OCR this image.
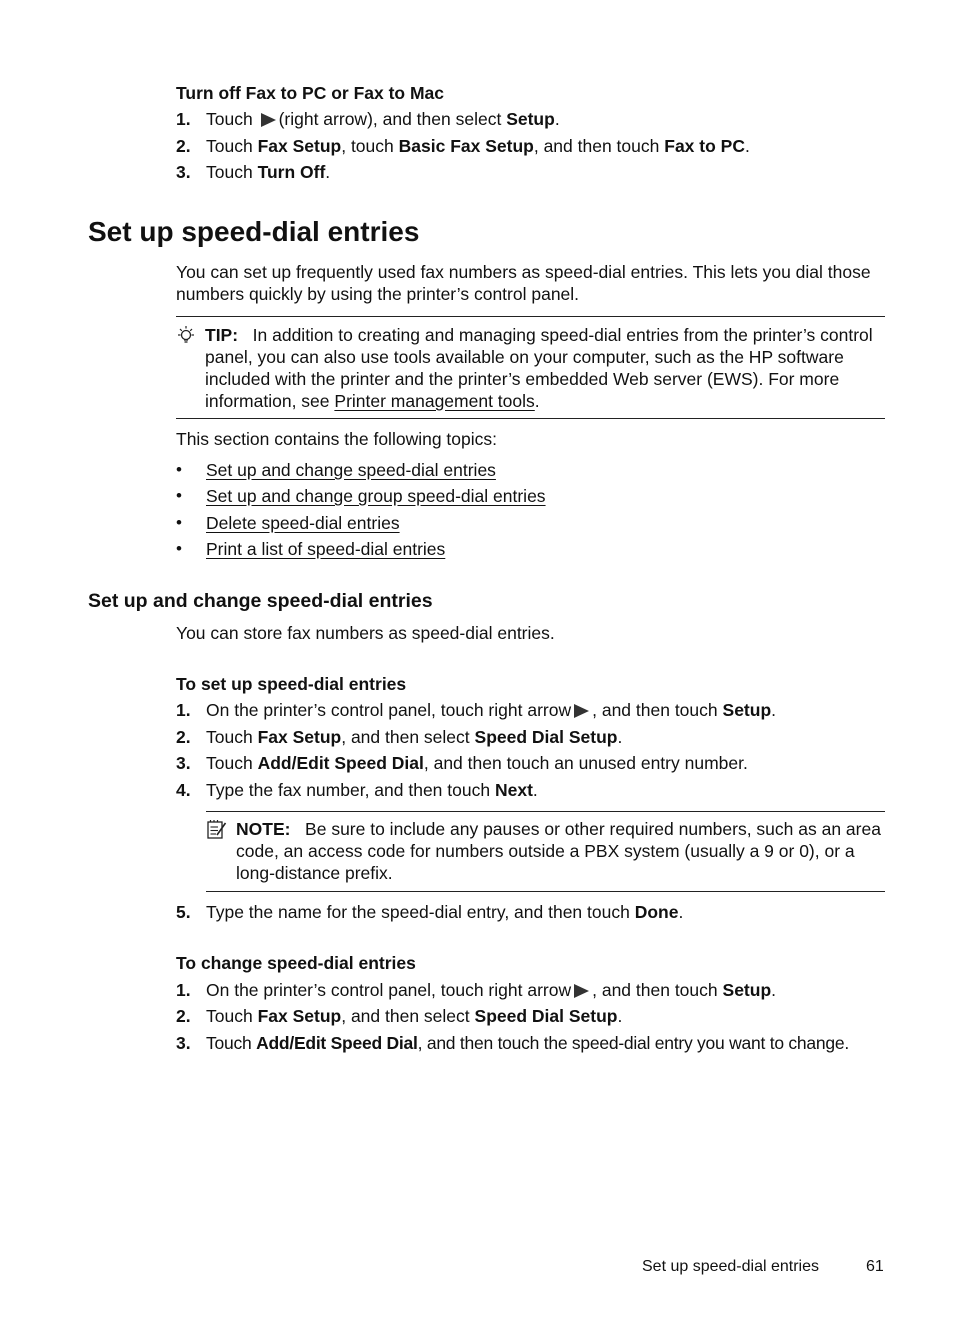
Turn off Fax to PC or Fax to Mac
1. Touch (right arrow), and then select Setup.
2. Touch Fax Setup, touch Basic Fax Setup, and then touch Fax to PC.
3. Touch Turn Off.
Set up speed-dial entries
You can set up frequently used fax numbers as speed-dial entries. This lets you dial those numbers quickly by using the printer’s control panel.
TIP: In addition to creating and managing speed-dial entries from the printer’s control panel, you can also use tools available on your computer, such as the HP software included with the printer and the printer’s embedded Web server (EWS). For more information, see Printer management tools.
This section contains the following topics:
• Set up and change speed-dial entries
• Set up and change group speed-dial entries
• Delete speed-dial entries
• Print a list of speed-dial entries
Set up and change speed-dial entries
You can store fax numbers as speed-dial entries.
To set up speed-dial entries
1. On the printer’s control panel, touch right arrow , and then touch Setup.
2. Touch Fax Setup, and then select Speed Dial Setup.
3. Touch Add/Edit Speed Dial, and then touch an unused entry number.
4. Type the fax number, and then touch Next.
NOTE: Be sure to include any pauses or other required numbers, such as an area code, an access code for numbers outside a PBX system (usually a 9 or 0), or a long-distance prefix.
5. Type the name for the speed-dial entry, and then touch Done.
To change speed-dial entries
1. On the printer’s control panel, touch right arrow , and then touch Setup.
2. Touch Fax Setup, and then select Speed Dial Setup.
3. Touch Add/Edit Speed Dial, and then touch the speed-dial entry you want to change.
Set up speed-dial entries	61
